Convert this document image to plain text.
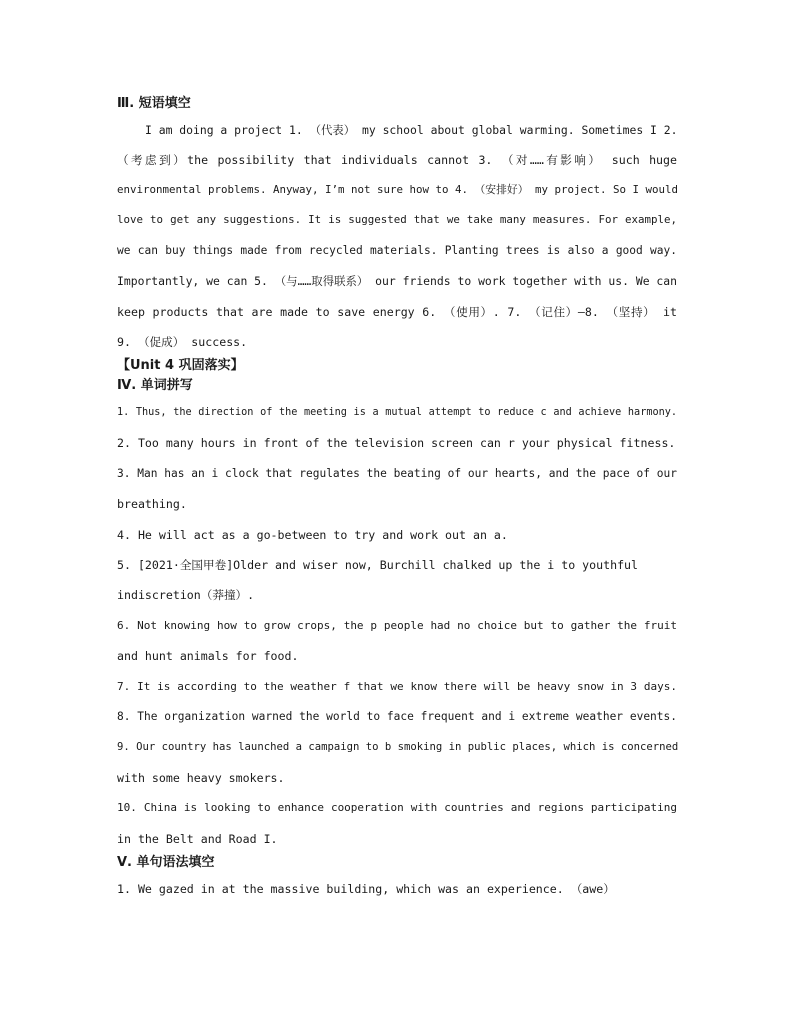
Ⅲ. 短语填空
I am doing a project 1. （代表） my school about global warming. Sometimes I 2.
（考虑到）the possibility that individuals cannot 3. （对……有影响） such huge
environmental problems. Anyway, I’m not sure how to 4. （安排好） my project. So I would
love to get any suggestions. It is suggested that we take many measures. For example,
we can buy things made from recycled materials. Planting trees is also a good way.
Importantly, we can 5. （与……取得联系） our friends to work together with us. We can
keep products that are made to save energy 6. （使用）. 7. （记住）—8. （坚持） it
9. （促成） success.
【Unit 4 巩固落实】
Ⅳ. 单词拼写
1. Thus, the direction of the meeting is a mutual attempt to reduce c and achieve harmony.
2. Too many hours in front of the television screen can r your physical fitness.
3. Man has an i clock that regulates the beating of our hearts, and the pace of our
breathing.
4. He will act as a go-between to try and work out an a.
5. [2021·全国甲卷]Older and wiser now, Burchill chalked up the i to youthful
indiscretion（莽撞）.
6. Not knowing how to grow crops, the p people had no choice but to gather the fruit
and hunt animals for food.
7. It is according to the weather f that we know there will be heavy snow in 3 days.
8. The organization warned the world to face frequent and i extreme weather events.
9. Our country has launched a campaign to b smoking in public places, which is concerned
with some heavy smokers.
10. China is looking to enhance cooperation with countries and regions participating
in the Belt and Road I.
Ⅴ. 单句语法填空
1. We gazed in at the massive building, which was an experience. （awe）
